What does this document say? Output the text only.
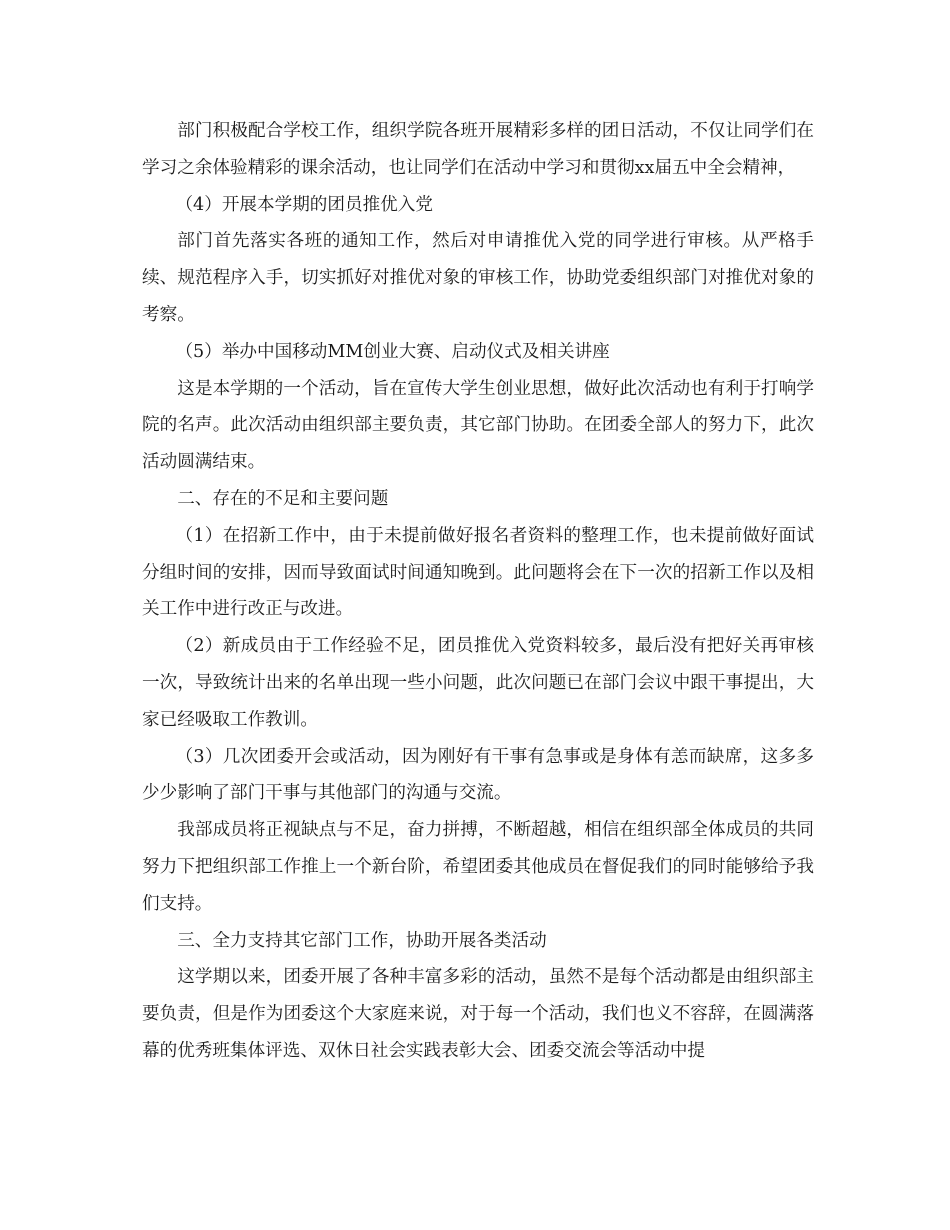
部门积极配合学校工作，组织学院各班开展精彩多样的团日活动，不仅让同学们在学习之余体验精彩的课余活动，也让同学们在活动中学习和贯彻xx届五中全会精神，

（4）开展本学期的团员推优入党

部门首先落实各班的通知工作，然后对申请推优入党的同学进行审核。从严格手续、规范程序入手，切实抓好对推优对象的审核工作，协助党委组织部门对推优对象的考察。

（5）举办中国移动MM创业大赛、启动仪式及相关讲座

这是本学期的一个活动，旨在宣传大学生创业思想，做好此次活动也有利于打响学院的名声。此次活动由组织部主要负责，其它部门协助。在团委全部人的努力下，此次活动圆满结束。

二、存在的不足和主要问题

（1）在招新工作中，由于未提前做好报名者资料的整理工作，也未提前做好面试分组时间的安排，因而导致面试时间通知晚到。此问题将会在下一次的招新工作以及相关工作中进行改正与改进。

（2）新成员由于工作经验不足，团员推优入党资料较多，最后没有把好关再审核一次，导致统计出来的名单出现一些小问题，此次问题已在部门会议中跟干事提出，大家已经吸取工作教训。

（3）几次团委开会或活动，因为刚好有干事有急事或是身体有恙而缺席，这多多少少影响了部门干事与其他部门的沟通与交流。

我部成员将正视缺点与不足，奋力拼搏，不断超越，相信在组织部全体成员的共同努力下把组织部工作推上一个新台阶，希望团委其他成员在督促我们的同时能够给予我们支持。

三、全力支持其它部门工作，协助开展各类活动

这学期以来，团委开展了各种丰富多彩的活动，虽然不是每个活动都是由组织部主要负责，但是作为团委这个大家庭来说，对于每一个活动，我们也义不容辞，在圆满落幕的优秀班集体评选、双休日社会实践表彰大会、团委交流会等活动中提
